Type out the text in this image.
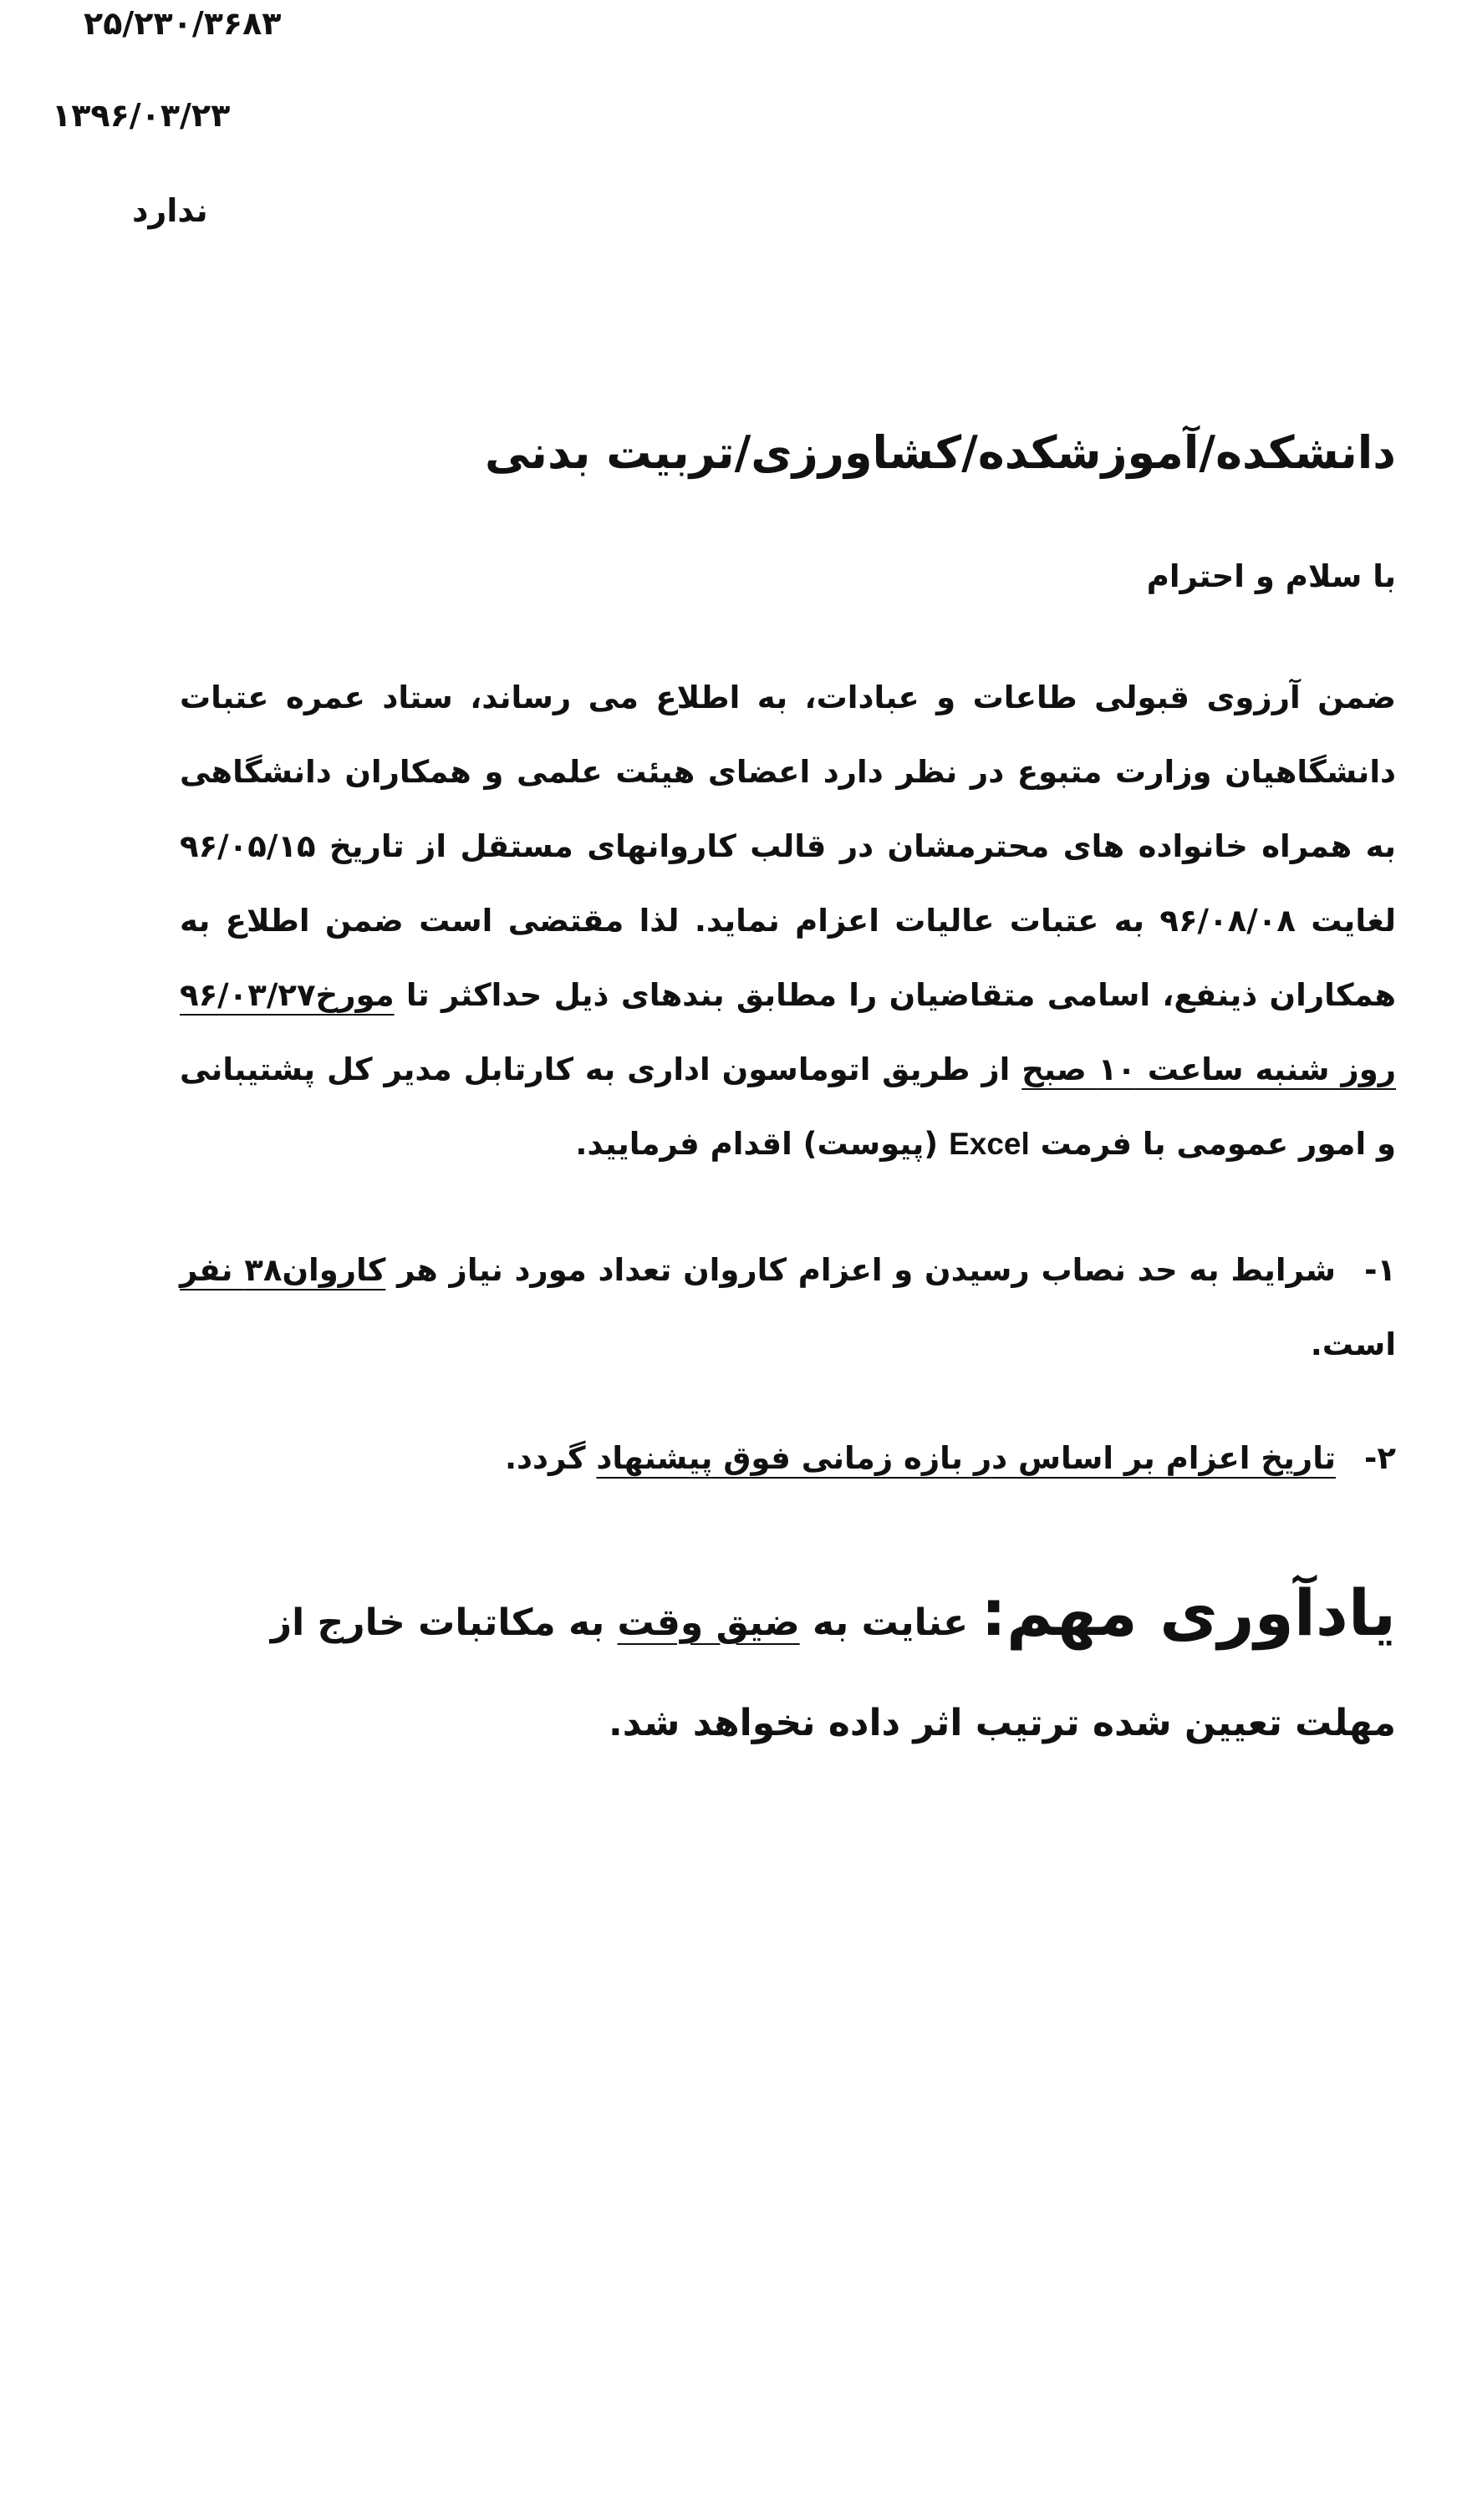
۲۵/۲۳۰/۳۶۸۳
۱۳۹۶/۰۳/۲۳
ندارد
دانشکده/آموزشکده/کشاورزی/تربیت بدنی
با سلام و احترام
ضمن آرزوی قبولی طاعات و عبادات، به اطلاع می رساند، ستاد عمره عتبات دانشگاهیان وزارت متبوع در نظر دارد اعضای هیئت علمی و همکاران دانشگاهی به همراه خانواده های محترمشان در قالب کاروانهای مستقل از تاریخ ۹۶/۰۵/۱۵ لغایت ۹۶/۰۸/۰۸ به عتبات عالیات اعزام نماید. لذا مقتضی است ضمن اطلاع به همکاران ذینفع، اسامی متقاضیان را مطابق بندهای ذیل حداکثر تا مورخ۹۶/۰۳/۲۷ روز شنبه ساعت ۱۰ صبح از طریق اتوماسون اداری به کارتابل مدیر کل پشتیبانی و امور عمومی با فرمت Excel (پیوست) اقدام فرمایید.
۱-شرایط به حد نصاب رسیدن و اعزام کاروان تعداد مورد نیاز هر کاروان۳۸ نفر است.
۲-تاریخ اعزام بر اساس در بازه زمانی فوق پیشنهاد گردد.
یادآوری مهم: عنایت به ضیق وقت به مکاتبات خارج از مهلت تعیین شده ترتیب اثر داده نخواهد شد.
